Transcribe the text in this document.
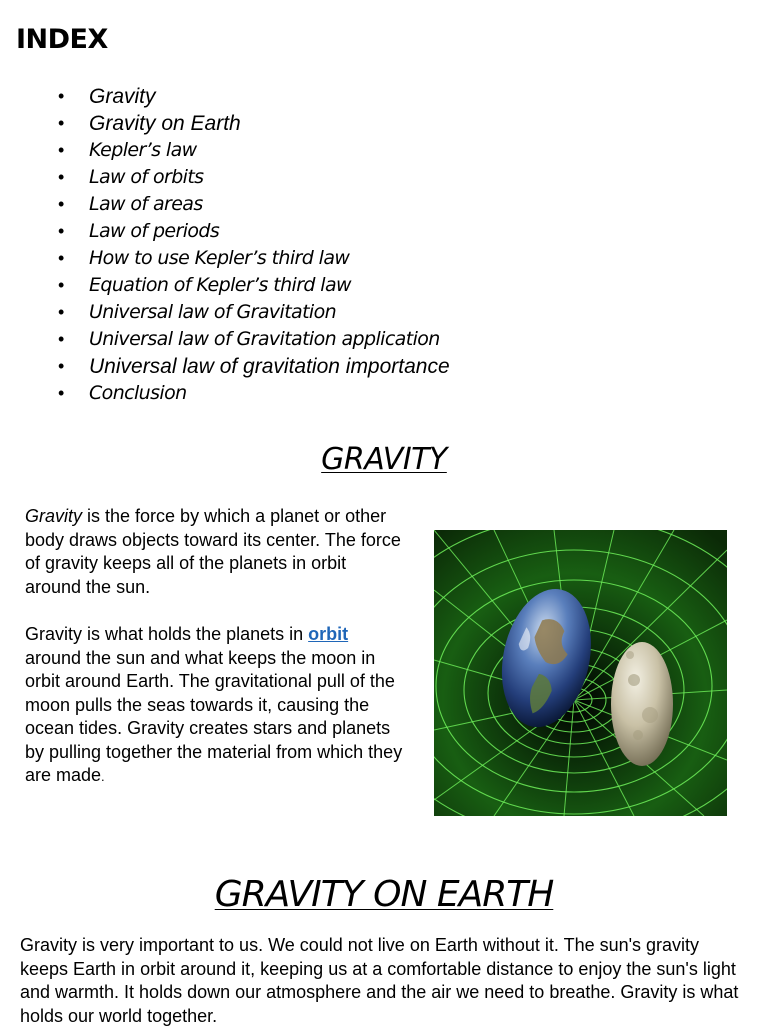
INDEX
• Gravity
• Gravity on Earth
• Kepler’s law
• Law of orbits
• Law of areas
• Law of periods
• How to use Kepler’s third law
• Equation of Kepler’s third law
• Universal law of Gravitation
• Universal law of Gravitation application
• Universal law of gravitation importance
• Conclusion
GRAVITY

Gravity is the force by which a planet or other body draws objects toward its center. The force of gravity keeps all of the planets in orbit around the sun.

Gravity is what holds the planets in orbit around the sun and what keeps the moon in orbit around Earth. The gravitational pull of the moon pulls the seas towards it, causing the ocean tides. Gravity creates stars and planets by pulling together the material from which they are made.

GRAVITY ON EARTH

Gravity is very important to us. We could not live on Earth without it. The sun's gravity keeps Earth in orbit around it, keeping us at a comfortable distance to enjoy the sun's light and warmth. It holds down our atmosphere and the air we need to breathe. Gravity is what holds our world together.
